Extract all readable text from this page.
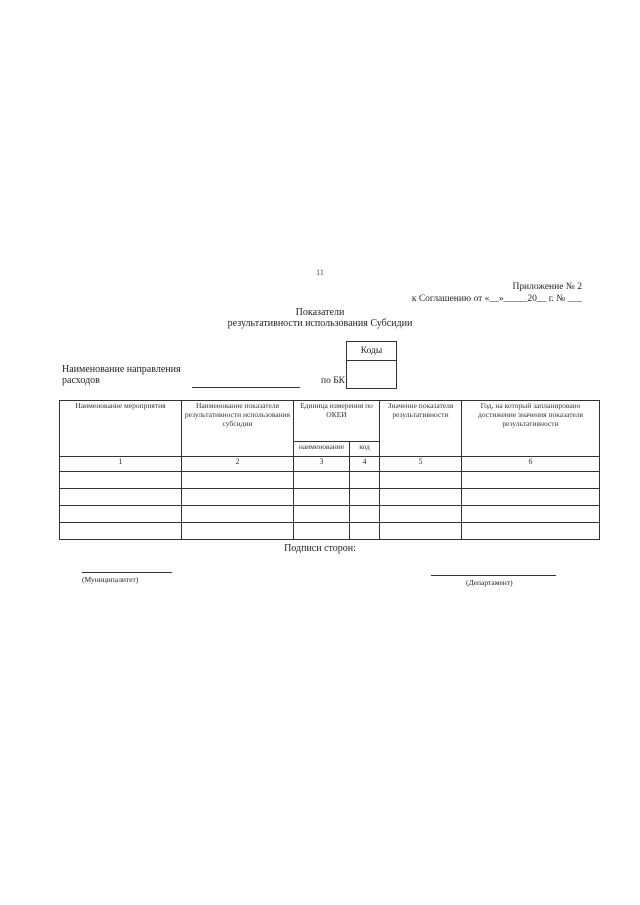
11
Приложение № 2
к Соглашению от «__»_____20__ г. № ___
Показатели
результативности использования Субсидии
Коды
Наименование направления
расходов	по БК
Наименование мероприятия	Наименование показателя результативности использования субсидии	Единица измерения по ОКЕИ		Значение показателя результативности	Год, на который запланировано достижение значения показателя результативности
		наименование	код		
1	2	3	4	5	6

Подписи сторон:
(Муниципалитет)	(Департамент)
